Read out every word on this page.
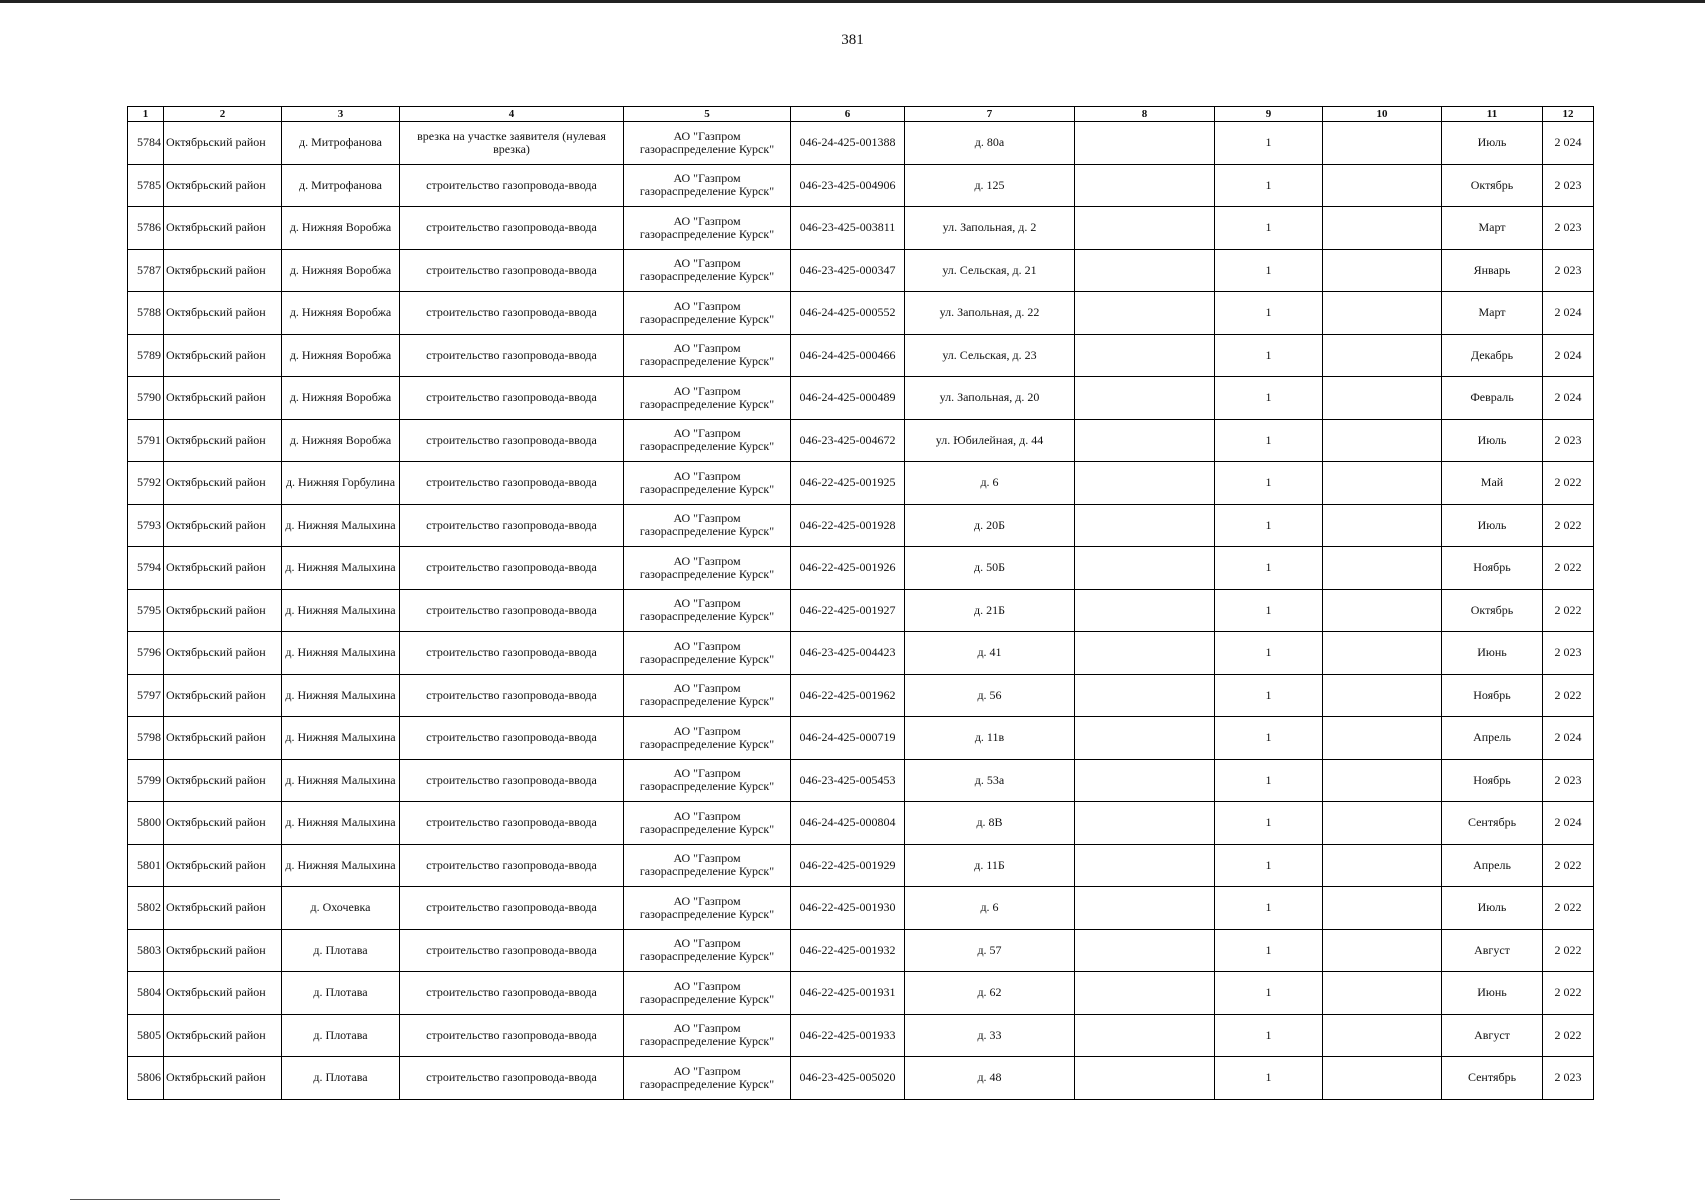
381
1	2	3	4	5	6	7	8	9	10	11	12
5784	Октябрьский район	д. Митрофанова	врезка на участке заявителя (нулевая врезка)	АО "Газпром газораспределение Курск"	046-24-425-001388	д. 80а		1		Июль	2 024
5785	Октябрьский район	д. Митрофанова	строительство газопровода-ввода	АО "Газпром газораспределение Курск"	046-23-425-004906	д. 125		1		Октябрь	2 023
5786	Октябрьский район	д. Нижняя Воробжа	строительство газопровода-ввода	АО "Газпром газораспределение Курск"	046-23-425-003811	ул. Запольная, д. 2		1		Март	2 023
5787	Октябрьский район	д. Нижняя Воробжа	строительство газопровода-ввода	АО "Газпром газораспределение Курск"	046-23-425-000347	ул. Сельская, д. 21		1		Январь	2 023
5788	Октябрьский район	д. Нижняя Воробжа	строительство газопровода-ввода	АО "Газпром газораспределение Курск"	046-24-425-000552	ул. Запольная, д. 22		1		Март	2 024
5789	Октябрьский район	д. Нижняя Воробжа	строительство газопровода-ввода	АО "Газпром газораспределение Курск"	046-24-425-000466	ул. Сельская, д. 23		1		Декабрь	2 024
5790	Октябрьский район	д. Нижняя Воробжа	строительство газопровода-ввода	АО "Газпром газораспределение Курск"	046-24-425-000489	ул. Запольная, д. 20		1		Февраль	2 024
5791	Октябрьский район	д. Нижняя Воробжа	строительство газопровода-ввода	АО "Газпром газораспределение Курск"	046-23-425-004672	ул. Юбилейная, д. 44		1		Июль	2 023
5792	Октябрьский район	д. Нижняя Горбулина	строительство газопровода-ввода	АО "Газпром газораспределение Курск"	046-22-425-001925	д. 6		1		Май	2 022
5793	Октябрьский район	д. Нижняя Малыхина	строительство газопровода-ввода	АО "Газпром газораспределение Курск"	046-22-425-001928	д. 20Б		1		Июль	2 022
5794	Октябрьский район	д. Нижняя Малыхина	строительство газопровода-ввода	АО "Газпром газораспределение Курск"	046-22-425-001926	д. 50Б		1		Ноябрь	2 022
5795	Октябрьский район	д. Нижняя Малыхина	строительство газопровода-ввода	АО "Газпром газораспределение Курск"	046-22-425-001927	д. 21Б		1		Октябрь	2 022
5796	Октябрьский район	д. Нижняя Малыхина	строительство газопровода-ввода	АО "Газпром газораспределение Курск"	046-23-425-004423	д. 41		1		Июнь	2 023
5797	Октябрьский район	д. Нижняя Малыхина	строительство газопровода-ввода	АО "Газпром газораспределение Курск"	046-22-425-001962	д. 56		1		Ноябрь	2 022
5798	Октябрьский район	д. Нижняя Малыхина	строительство газопровода-ввода	АО "Газпром газораспределение Курск"	046-24-425-000719	д. 11в		1		Апрель	2 024
5799	Октябрьский район	д. Нижняя Малыхина	строительство газопровода-ввода	АО "Газпром газораспределение Курск"	046-23-425-005453	д. 53а		1		Ноябрь	2 023
5800	Октябрьский район	д. Нижняя Малыхина	строительство газопровода-ввода	АО "Газпром газораспределение Курск"	046-24-425-000804	д. 8В		1		Сентябрь	2 024
5801	Октябрьский район	д. Нижняя Малыхина	строительство газопровода-ввода	АО "Газпром газораспределение Курск"	046-22-425-001929	д. 11Б		1		Апрель	2 022
5802	Октябрьский район	д. Охочевка	строительство газопровода-ввода	АО "Газпром газораспределение Курск"	046-22-425-001930	д. 6		1		Июль	2 022
5803	Октябрьский район	д. Плотава	строительство газопровода-ввода	АО "Газпром газораспределение Курск"	046-22-425-001932	д. 57		1		Август	2 022
5804	Октябрьский район	д. Плотава	строительство газопровода-ввода	АО "Газпром газораспределение Курск"	046-22-425-001931	д. 62		1		Июнь	2 022
5805	Октябрьский район	д. Плотава	строительство газопровода-ввода	АО "Газпром газораспределение Курск"	046-22-425-001933	д. 33		1		Август	2 022
5806	Октябрьский район	д. Плотава	строительство газопровода-ввода	АО "Газпром газораспределение Курск"	046-23-425-005020	д. 48		1		Сентябрь	2 023
